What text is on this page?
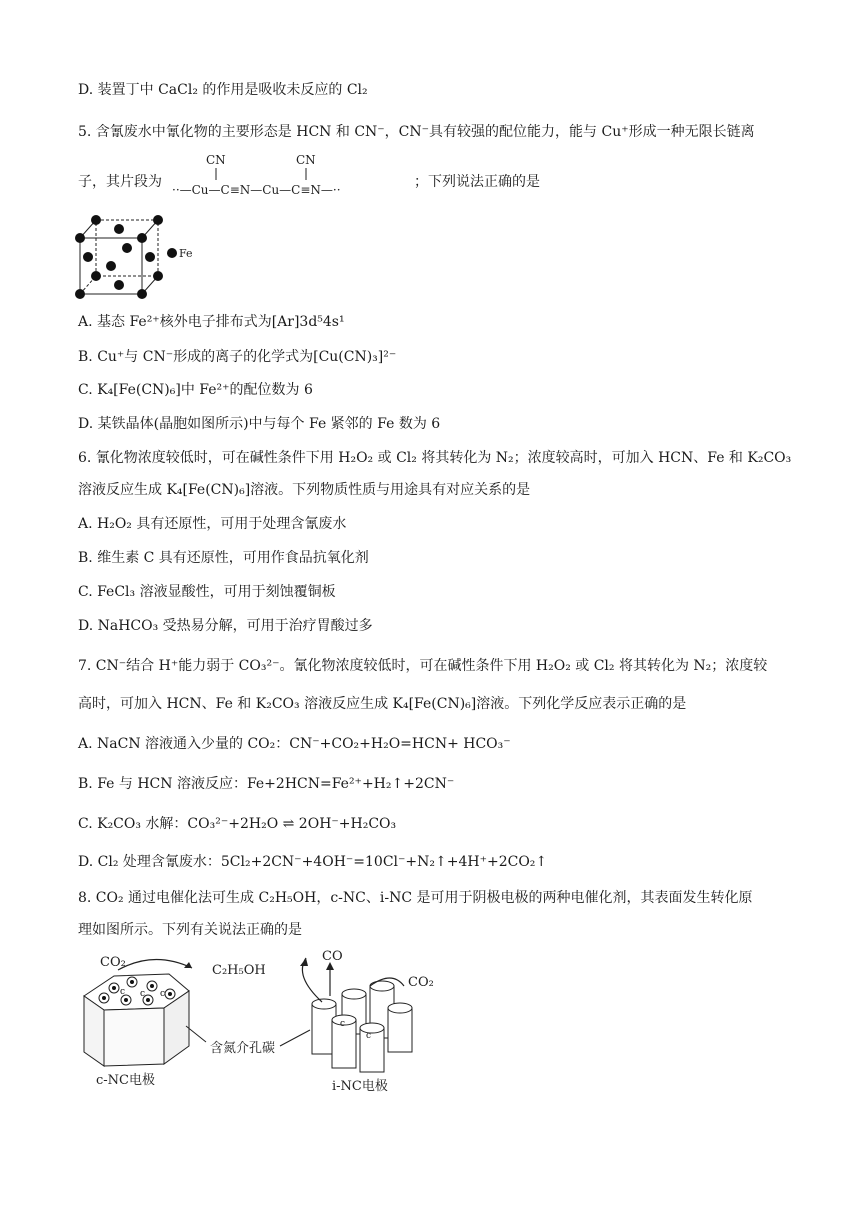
D. 装置丁中 CaCl₂ 的作用是吸收未反应的 Cl₂
5. 含氰废水中氰化物的主要形态是 HCN 和 CN⁻，CN⁻具有较强的配位能力，能与 Cu⁺形成一种无限长链离
子，其片段为
CN	CN
··—Cu—C≡N—Cu—C≡N—··	；下列说法正确的是
Fe
A. 基态 Fe²⁺核外电子排布式为[Ar]3d⁵4s¹
B. Cu⁺与 CN⁻形成的离子的化学式为[Cu(CN)₃]²⁻
C. K₄[Fe(CN)₆]中 Fe²⁺的配位数为 6
D. 某铁晶体(晶胞如图所示)中与每个 Fe 紧邻的 Fe 数为 6
6. 氰化物浓度较低时，可在碱性条件下用 H₂O₂ 或 Cl₂ 将其转化为 N₂；浓度较高时，可加入 HCN、Fe 和 K₂CO₃
溶液反应生成 K₄[Fe(CN)₆]溶液。下列物质性质与用途具有对应关系的是
A. H₂O₂ 具有还原性，可用于处理含氰废水
B. 维生素 C 具有还原性，可用作食品抗氧化剂
C. FeCl₃ 溶液显酸性，可用于刻蚀覆铜板
D. NaHCO₃ 受热易分解，可用于治疗胃酸过多
7. CN⁻结合 H⁺能力弱于 CO₃²⁻。氰化物浓度较低时，可在碱性条件下用 H₂O₂ 或 Cl₂ 将其转化为 N₂；浓度较
高时，可加入 HCN、Fe 和 K₂CO₃ 溶液反应生成 K₄[Fe(CN)₆]溶液。下列化学反应表示正确的是
A. NaCN 溶液通入少量的 CO₂：CN⁻+CO₂+H₂O=HCN+ HCO₃⁻
B. Fe 与 HCN 溶液反应：Fe+2HCN=Fe²⁺+H₂↑+2CN⁻
C. K₂CO₃ 水解：CO₃²⁻+2H₂O ⇌ 2OH⁻+H₂CO₃
D. Cl₂ 处理含氰废水：5Cl₂+2CN⁻+4OH⁻=10Cl⁻+N₂↑+4H⁺+2CO₂↑
8. CO₂ 通过电催化法可生成 C₂H₅OH，c-NC、i-NC 是可用于阴极电极的两种电催化剂，其表面发生转化原
理如图所示。下列有关说法正确的是
c c c
CO₂
C₂H₅OH
c
c
CO
CO₂
含氮介孔碳
c-NC电极	i-NC电极
